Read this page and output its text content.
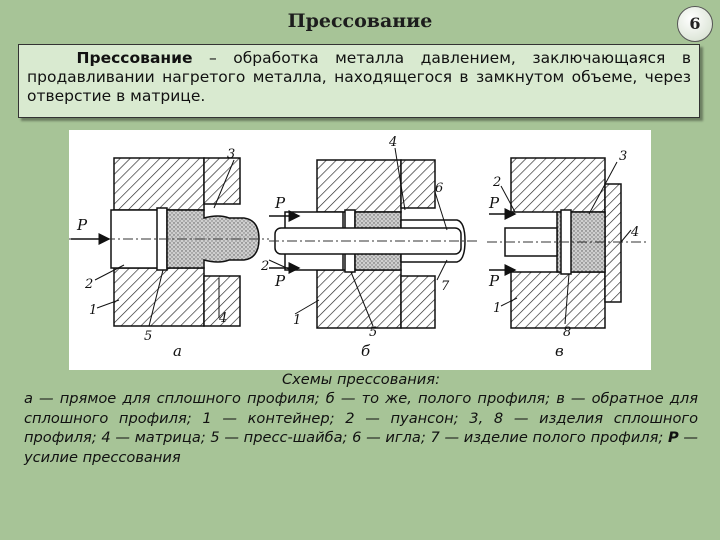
Прессование	6
Прессование – обработка металла давлением, заключающаяся в продавливании нагретого металла, находящегося в замкнутом объеме, через отверстие в матрице.
P
3
2
1
5
4
а
P
P
4
6
7
2
1
5
б
P
P
3
2
4
1
8
в
Схемы прессования:
а — прямое для сплошного профиля; б — то же, полого профиля; в — обратное для сплошного профиля; 1 — контейнер; 2 — пуансон; 3, 8 — изделия сплошного профиля; 4 — матрица; 5 — пресс-шайба; 6 — игла; 7 — изделие полого профиля; Р — усилие прессования
